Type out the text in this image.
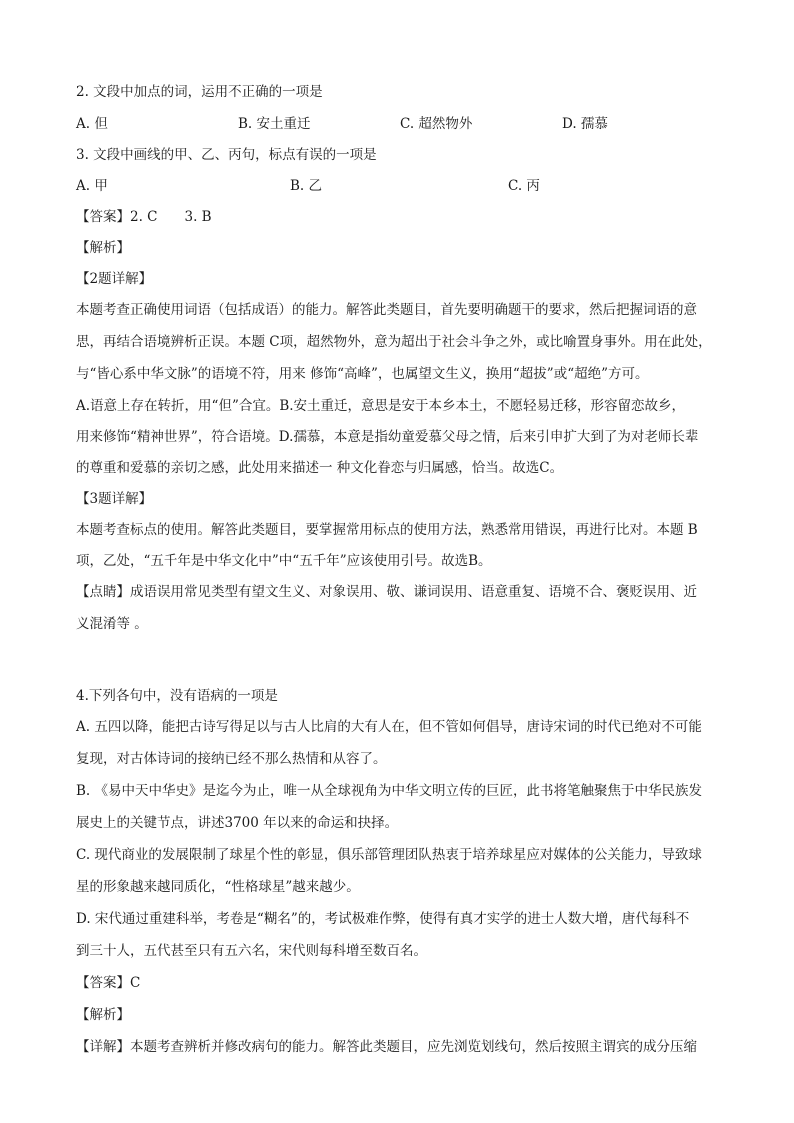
2. 文段中加点的词，运用不正确的一项是
A. 但	B. 安土重迁	C. 超然物外	D. 孺慕
3. 文段中画线的甲、乙、丙句，标点有误的一项是
A. 甲	B. 乙	C. 丙
【答案】2. C　　3. B
【解析】
【2题详解】
本题考查正确使用词语（包括成语）的能力。解答此类题目，首先要明确题干的要求，然后把握词语的意
思，再结合语境辨析正误。本题 C项，超然物外，意为超出于社会斗争之外，或比喻置身事外。用在此处，
与“皆心系中华文脉”的语境不符，用来 修饰“高峰”，也属望文生义，换用“超拔”或“超绝”方可。
A.语意上存在转折，用“但”合宜。B.安土重迁，意思是安于本乡本土，不愿轻易迁移，形容留恋故乡，
用来修饰“精神世界”，符合语境。D.孺慕，本意是指幼童爱慕父母之情，后来引申扩大到了为对老师长辈
的尊重和爱慕的亲切之感，此处用来描述一 种文化眷恋与归属感，恰当。故选C。
【3题详解】
本题考查标点的使用。解答此类题目，要掌握常用标点的使用方法，熟悉常用错误，再进行比对。本题 B
项，乙处，“五千年是中华文化中”中“五千年”应该使用引号。故选B。
【点睛】成语误用常见类型有望文生义、对象误用、敬、谦词误用、语意重复、语境不合、褒贬误用、近
义混淆等 。
4.下列各句中，没有语病的一项是
A. 五四以降，能把古诗写得足以与古人比肩的大有人在，但不管如何倡导，唐诗宋词的时代已绝对不可能
复现，对古体诗词的接纳已经不那么热情和从容了。
B. 《易中天中华史》是迄今为止，唯一从全球视角为中华文明立传的巨匠，此书将笔触聚焦于中华民族发
展史上的关键节点，讲述3700 年以来的命运和抉择。
C. 现代商业的发展限制了球星个性的彰显，俱乐部管理团队热衷于培养球星应对媒体的公关能力，导致球
星的形象越来越同质化，“性格球星”越来越少。
D. 宋代通过重建科举，考卷是“糊名”的，考试极难作弊，使得有真才实学的进士人数大增，唐代每科不
到三十人，五代甚至只有五六名，宋代则每科增至数百名。
【答案】C
【解析】
【详解】本题考查辨析并修改病句的能力。解答此类题目，应先浏览划线句，然后按照主谓宾的成分压缩
